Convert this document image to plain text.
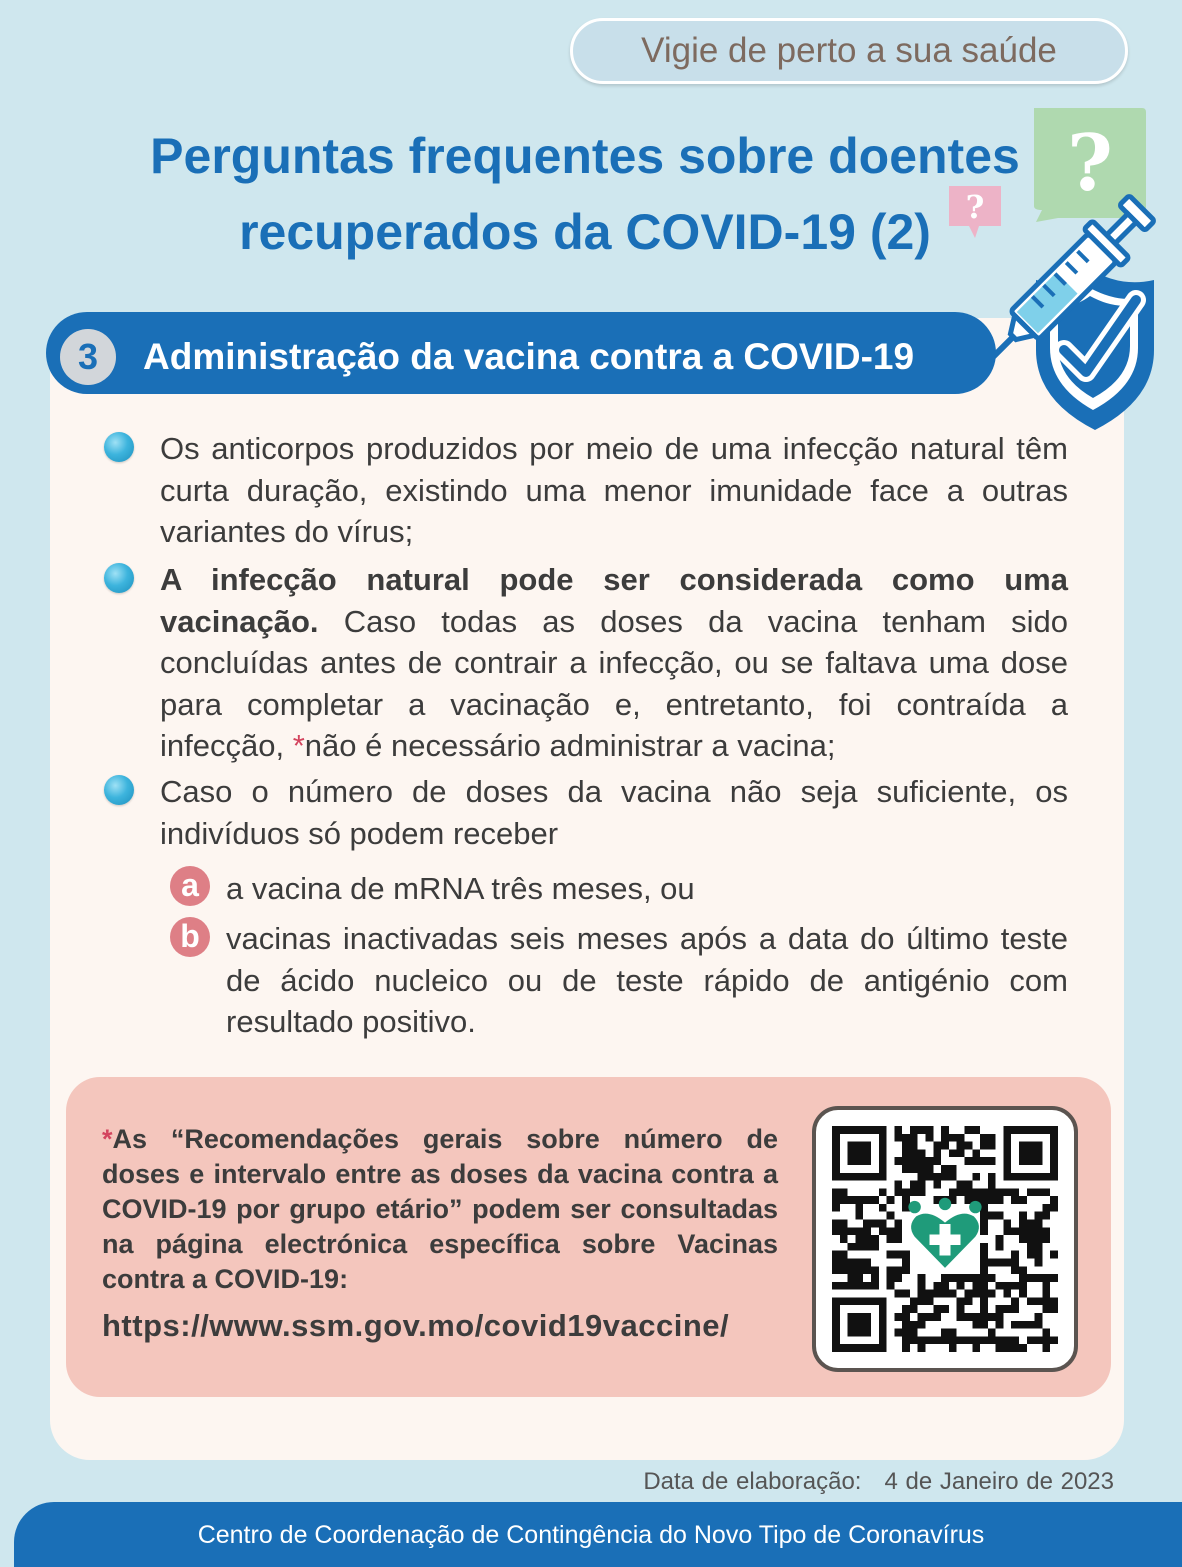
Vigie de perto a sua saúde
Perguntas frequentes sobre doentes
recuperados da COVID-19 (2)
?
?
3	Administração da vacina contra a COVID-19
Os anticorpos produzidos por meio de uma infecção natural têm curta duração, existindo uma menor imunidade face a outras variantes do vírus;
A infecção natural pode ser considerada como uma vacinação. Caso todas as doses da vacina tenham sido concluídas antes de contrair a infecção, ou se faltava uma dose para completar a vacinação e, entretanto, foi contraída a infecção, *não é necessário administrar a vacina;
Caso o número de doses da vacina não seja suficiente, os indivíduos só podem receber
a a vacina de mRNA três meses, ou
b vacinas inactivadas seis meses após a data do último teste de ácido nucleico ou de teste rápido de antigénio com resultado positivo.
*As “Recomendações gerais sobre número de doses e intervalo entre as doses da vacina contra a COVID-19 por grupo etário” podem ser consultadas na página electrónica específica sobre Vacinas contra a COVID-19:
https://www.ssm.gov.mo/covid19vaccine/
Data de elaboração: 4 de Janeiro de 2023
Centro de Coordenação de Contingência do Novo Tipo de Coronavírus
